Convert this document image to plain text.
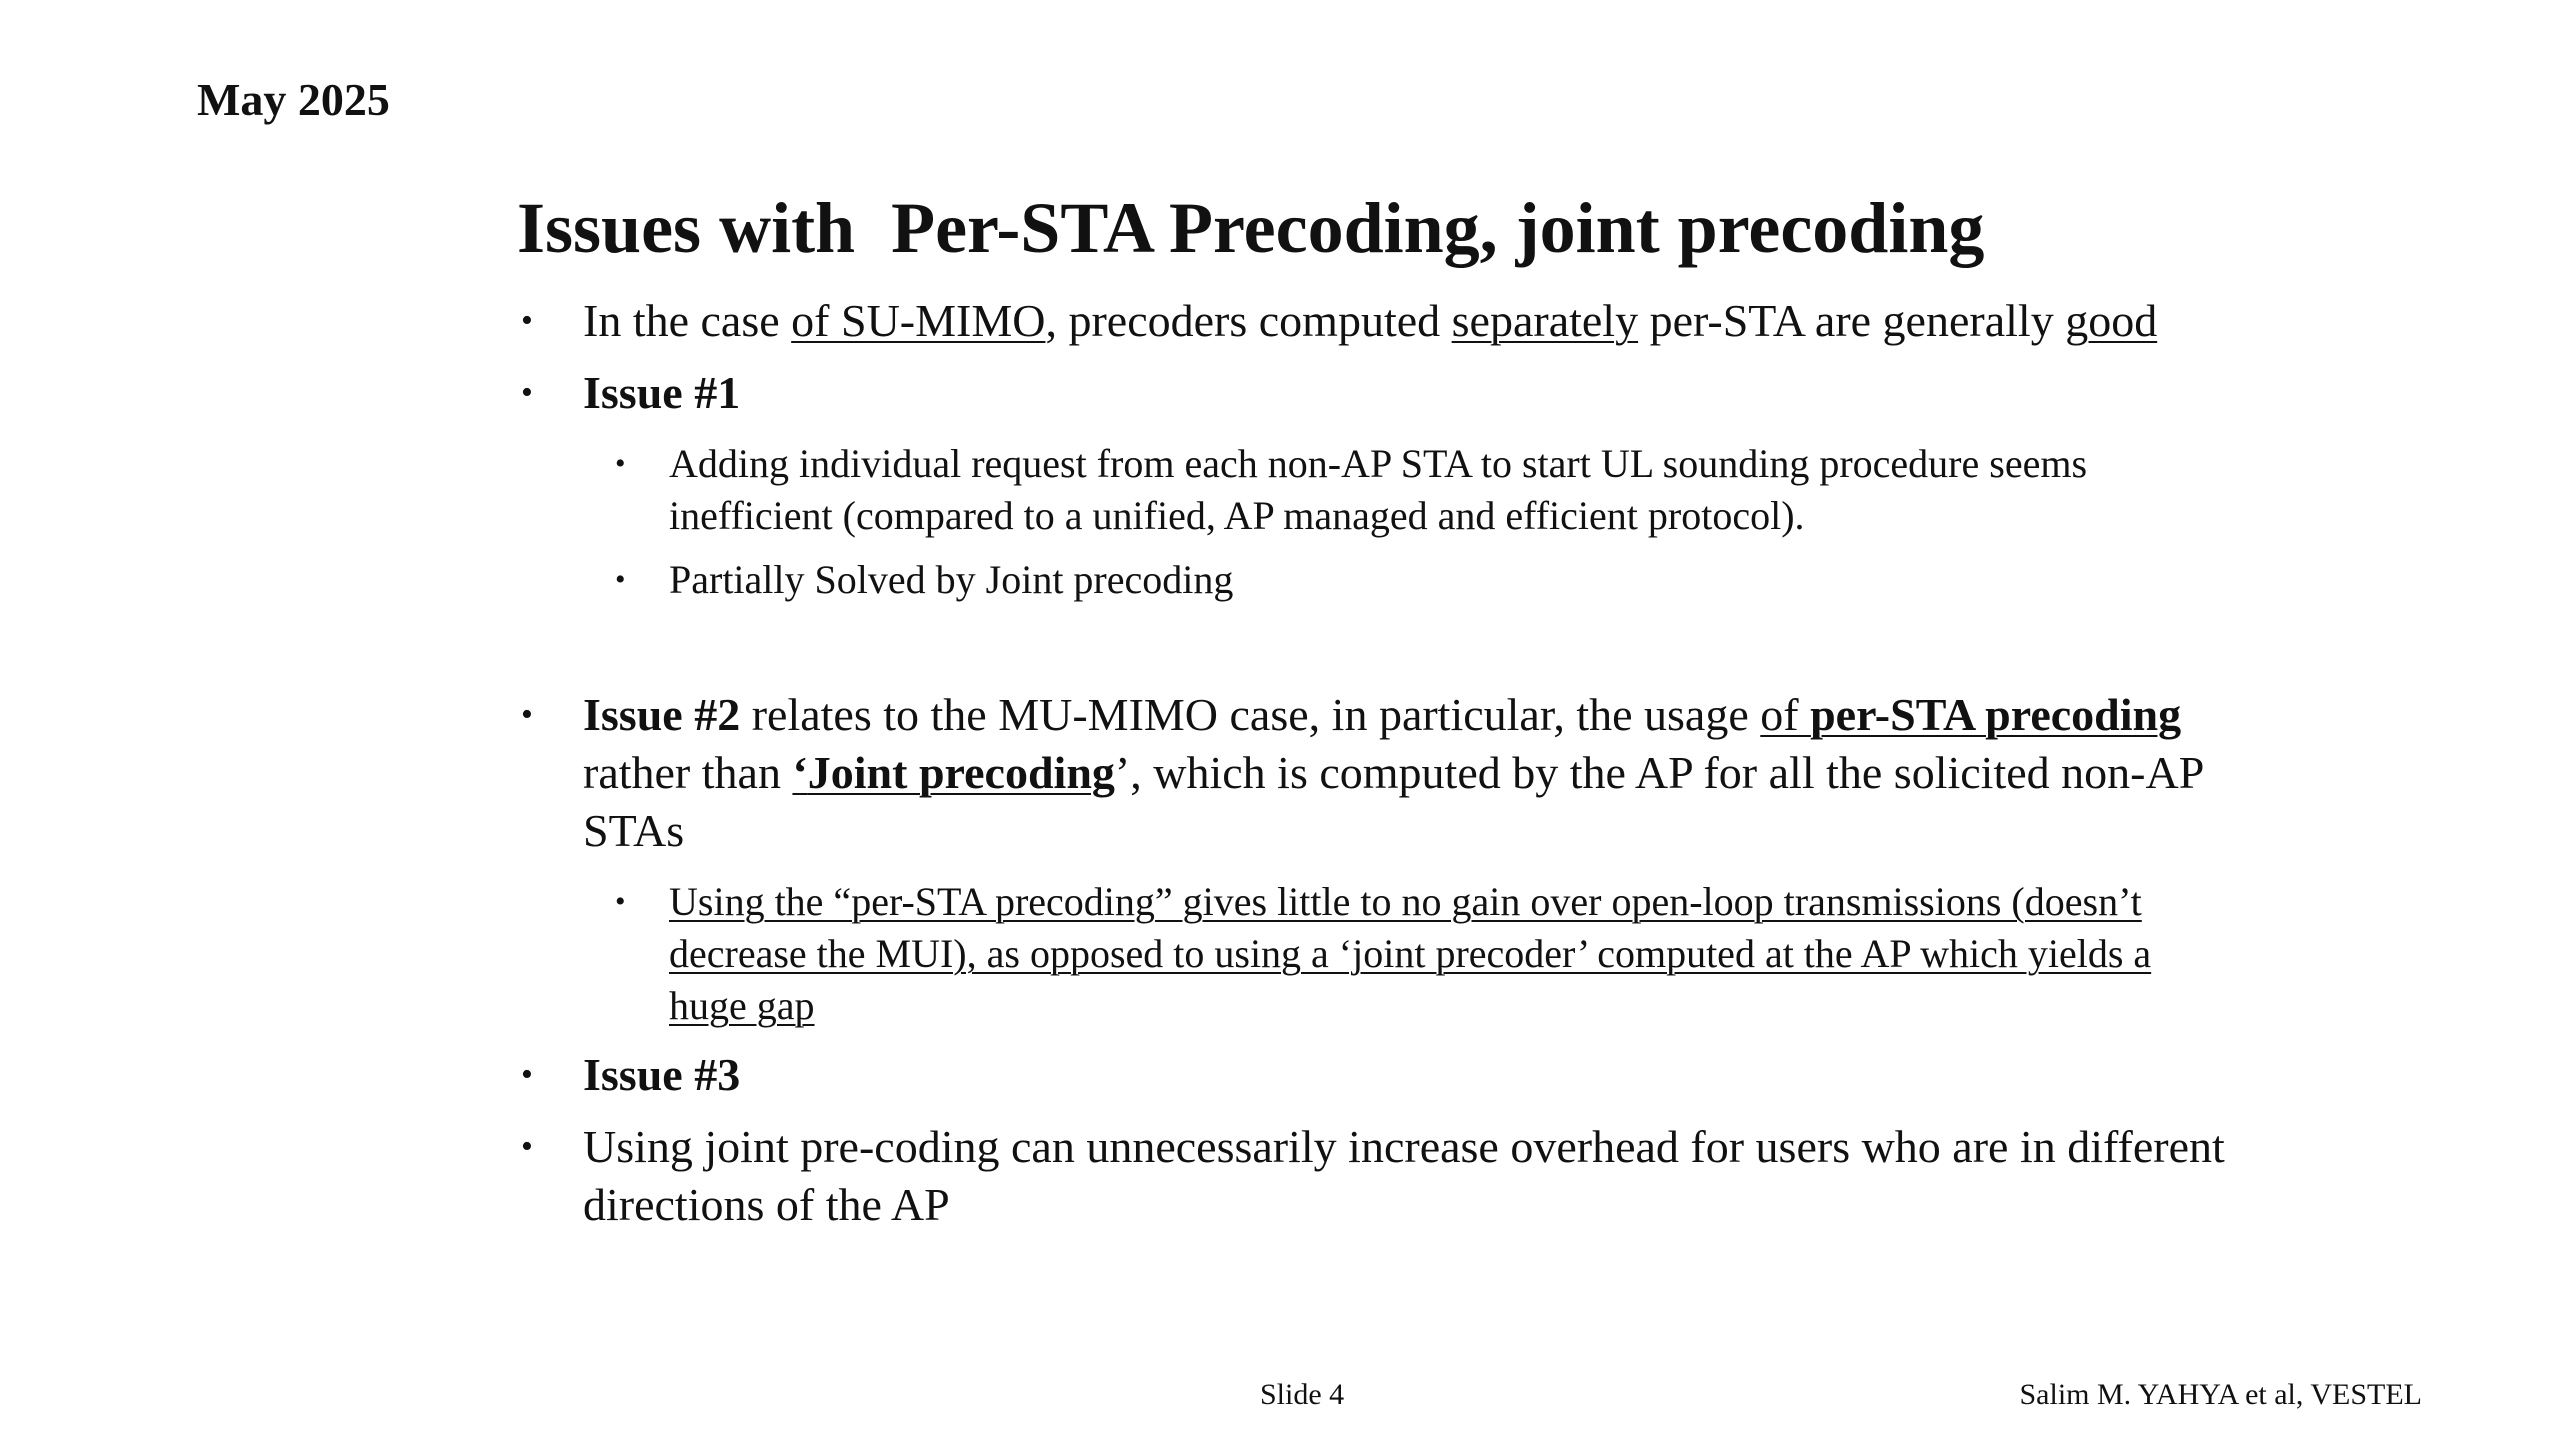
May 2025
Issues with  Per-STA Precoding, joint precoding
• In the case of SU-MIMO, precoders computed separately per-STA are generally good
• Issue #1
• Adding individual request from each non-AP STA to start UL sounding procedure seems inefficient (compared to a unified, AP managed and efficient protocol).
• Partially Solved by Joint precoding
• Issue #2 relates to the MU-MIMO case, in particular, the usage of per-STA precoding rather than ‘Joint precoding’, which is computed by the AP for all the solicited non-AP STAs
• Using the “per-STA precoding” gives little to no gain over open-loop transmissions (doesn’t decrease the MUI), as opposed to using a ‘joint precoder’ computed at the AP which yields a huge gap
• Issue #3
• Using joint pre-coding can unnecessarily increase overhead for users who are in different directions of the AP
Slide 4	Salim M. YAHYA et al, VESTEL
